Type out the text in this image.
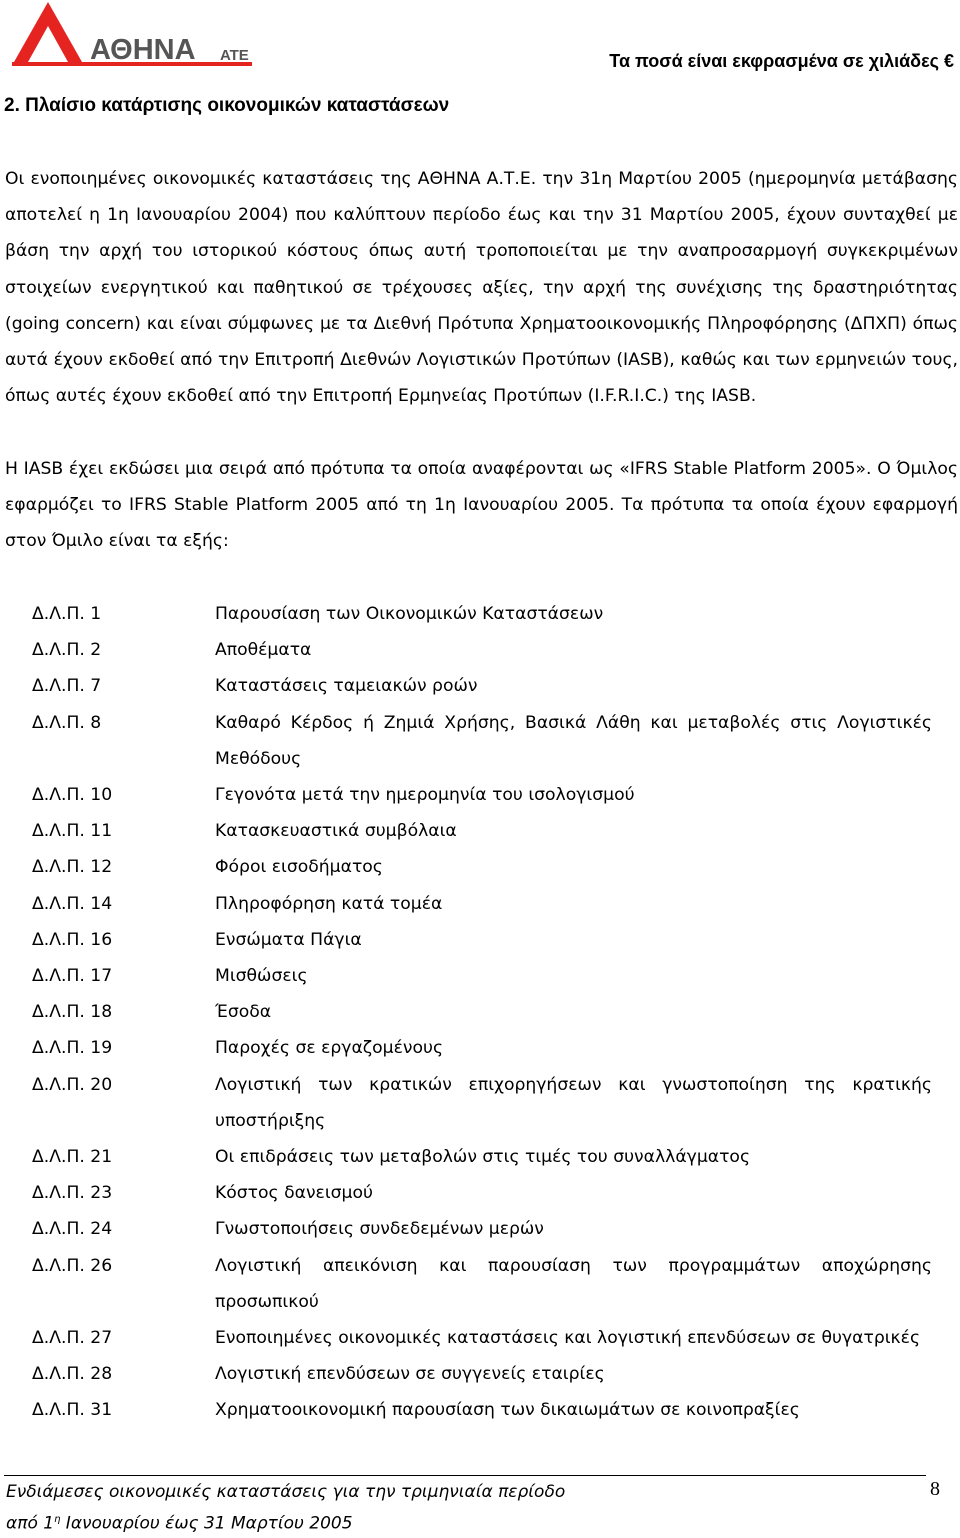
ΑΘΗΝΑ ΑΤΕ	Τα ποσά είναι εκφρασμένα σε χιλιάδες €
2. Πλαίσιο κατάρτισης οικονομικών καταστάσεων
Οι ενοποιημένες οικονομικές καταστάσεις της ΑΘΗΝΑ Α.Τ.Ε. την 31η Μαρτίου 2005 (ημερομηνία μετάβασης αποτελεί η 1η Ιανουαρίου 2004) που καλύπτουν περίοδο έως και την 31 Μαρτίου 2005, έχουν συνταχθεί με βάση την αρχή του ιστορικού κόστους όπως αυτή τροποποιείται με την αναπροσαρμογή συγκεκριμένων στοιχείων ενεργητικού και παθητικού σε τρέχουσες αξίες, την αρχή της συνέχισης της δραστηριότητας (going concern) και είναι σύμφωνες με τα Διεθνή Πρότυπα Χρηματοοικονομικής Πληροφόρησης (ΔΠΧΠ) όπως αυτά έχουν εκδοθεί από την Επιτροπή Διεθνών Λογιστικών Προτύπων (IASB), καθώς και των ερμηνειών τους, όπως αυτές έχουν εκδοθεί από την Επιτροπή Ερμηνείας Προτύπων (I.F.R.I.C.) της IASB.
Η IASB έχει εκδώσει μια σειρά από πρότυπα τα οποία αναφέρονται ως «IFRS Stable Platform 2005». Ο Όμιλος εφαρμόζει το IFRS Stable Platform 2005 από τη 1η Ιανουαρίου 2005. Τα πρότυπα τα οποία έχουν εφαρμογή στον Όμιλο είναι τα εξής:
Δ.Λ.Π. 1	Παρουσίαση των Οικονομικών Καταστάσεων
Δ.Λ.Π. 2	Αποθέματα
Δ.Λ.Π. 7	Καταστάσεις ταμειακών ροών
Δ.Λ.Π. 8	Καθαρό Κέρδος ή Ζημιά Χρήσης, Βασικά Λάθη και μεταβολές στις Λογιστικές Μεθόδους
Δ.Λ.Π. 10	Γεγονότα μετά την ημερομηνία του ισολογισμού
Δ.Λ.Π. 11	Κατασκευαστικά συμβόλαια
Δ.Λ.Π. 12	Φόροι εισοδήματος
Δ.Λ.Π. 14	Πληροφόρηση κατά τομέα
Δ.Λ.Π. 16	Ενσώματα Πάγια
Δ.Λ.Π. 17	Μισθώσεις
Δ.Λ.Π. 18	Έσοδα
Δ.Λ.Π. 19	Παροχές σε εργαζομένους
Δ.Λ.Π. 20	Λογιστική των κρατικών επιχορηγήσεων και γνωστοποίηση της κρατικής υποστήριξης
Δ.Λ.Π. 21	Οι επιδράσεις των μεταβολών στις τιμές του συναλλάγματος
Δ.Λ.Π. 23	Κόστος δανεισμού
Δ.Λ.Π. 24	Γνωστοποιήσεις συνδεδεμένων μερών
Δ.Λ.Π. 26	Λογιστική απεικόνιση και παρουσίαση των προγραμμάτων αποχώρησης προσωπικού
Δ.Λ.Π. 27	Ενοποιημένες οικονομικές καταστάσεις και λογιστική επενδύσεων σε θυγατρικές
Δ.Λ.Π. 28	Λογιστική επενδύσεων σε συγγενείς εταιρίες
Δ.Λ.Π. 31	Χρηματοοικονομική παρουσίαση των δικαιωμάτων σε κοινοπραξίες
Ενδιάμεσες οικονομικές καταστάσεις για την τριμηνιαία περίοδο
από $1^\eta$ Ιανουαρίου έως 31 Μαρτίου 2005
8
